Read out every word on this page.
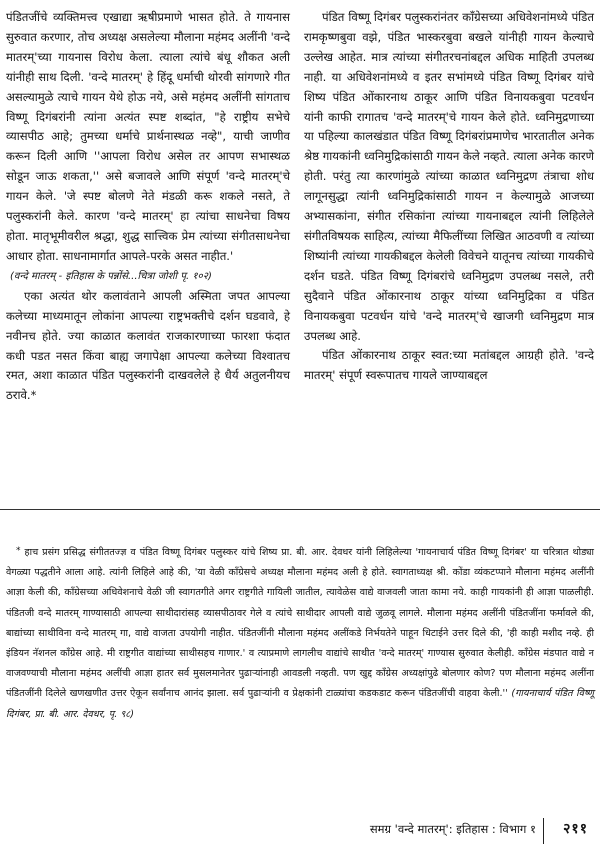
पंडितजींचे व्यक्तिमत्त्व एखाद्या ऋषीप्रमाणे भासत होते. ते गायनास सुरुवात करणार, तोच अध्यक्ष असलेल्या मौलाना महंमद अलींनी 'वन्दे मातरम्'च्या गायनास विरोध केला. त्याला त्यांचे बंधू शौकत अली यांनीही साथ दिली. 'वन्दे मातरम्' हे हिंदू धर्माची थोरवी सांगणारे गीत असल्यामुळे त्याचे गायन येथे होऊ नये, असे महंमद अलींनी सांगताच विष्णू दिगंबरांनी त्यांना अत्यंत स्पष्ट शब्दांत, "हे राष्ट्रीय सभेचे व्यासपीठ आहे; तुमच्या धर्माचे प्रार्थनास्थळ नव्हे", याची जाणीव करून दिली आणि ''आपला विरोध असेल तर आपण सभास्थळ सोडून जाऊ शकता,'' असे बजावले आणि संपूर्ण 'वन्दे मातरम्'चे गायन केले. 'जे स्पष्ट बोलणे नेते मंडळी करू शकले नसते, ते पलुस्करांनी केले. कारण 'वन्दे मातरम्' हा त्यांचा साधनेचा विषय होता. मातृभूमीवरील श्रद्धा, शुद्ध सात्त्विक प्रेम त्यांच्या संगीतसाधनेचा आधार होता. साधनामार्गात आपले-परके असत नाहीत.'

(वन्दे मातरम् - इतिहास के पन्नोंसे...चित्रा जोशी पृ. १०२)

एका अत्यंत थोर कलावंताने आपली अस्मिता जपत आपल्या कलेच्या माध्यमातून लोकांना आपल्या राष्ट्रभक्तीचे दर्शन घडवावे, हे नवीनच होते. ज्या काळात कलावंत राजकारणाच्या फारशा फंदात कधी पडत नसत किंवा बाह्य जगापेक्षा आपल्या कलेच्या विश्वातच रमत, अशा काळात पंडित पलुस्करांनी दाखवलेले हे धैर्य अतुलनीयच ठरावे.*

पंडित विष्णू दिगंबर पलुस्करांनंतर काँग्रेसच्या अधिवेशनांमध्ये पंडित रामकृष्णबुवा वझे, पंडित भास्करबुवा बखले यांनीही गायन केल्याचे उल्लेख आहेत. मात्र त्यांच्या संगीतरचनांबद्दल अधिक माहिती उपलब्ध नाही. या अधिवेशनांमध्ये व इतर सभांमध्ये पंडित विष्णू दिगंबर यांचे शिष्य पंडित ओंकारनाथ ठाकूर आणि पंडित विनायकबुवा पटवर्धन यांनी काफी रागातच 'वन्दे मातरम्'चे गायन केले होते. ध्वनिमुद्रणाच्या या पहिल्या कालखंडात पंडित विष्णू दिगंबरांप्रमाणेच भारतातील अनेक श्रेष्ठ गायकांनी ध्वनिमुद्रिकांसाठी गायन केले नव्हते. त्याला अनेक कारणे होती. परंतु त्या कारणांमुळे त्यांच्या काळात ध्वनिमुद्रण तंत्राचा शोध लागूनसुद्धा त्यांनी ध्वनिमुद्रिकांसाठी गायन न केल्यामुळे आजच्या अभ्यासकांना, संगीत रसिकांना त्यांच्या गायनाबद्दल त्यांनी लिहिलेले संगीतविषयक साहित्य, त्यांच्या मैफिलींच्या लिखित आठवणी व त्यांच्या शिष्यांनी त्यांच्या गायकीबद्दल केलेली विवेचने यातूनच त्यांच्या गायकीचे दर्शन घडते. पंडित विष्णू दिगंबरांचे ध्वनिमुद्रण उपलब्ध नसले, तरी सुदैवाने पंडित ओंकारनाथ ठाकूर यांच्या ध्वनिमुद्रिका व पंडित विनायकबुवा पटवर्धन यांचे 'वन्दे मातरम्'चे खाजगी ध्वनिमुद्रण मात्र उपलब्ध आहे.

पंडित ओंकारनाथ ठाकूर स्वत:च्या मतांबद्दल आग्रही होते. 'वन्दे मातरम्' संपूर्ण स्वरूपातच गायले जाण्याबद्दल

* हाच प्रसंग प्रसिद्ध संगीततज्ज्ञ व पंडित विष्णू दिगंबर पलुस्कर यांचे शिष्य प्रा. बी. आर. देवधर यांनी लिहिलेल्या 'गायनाचार्य पंडित विष्णू दिगंबर' या चरित्रात थोड्या वेगळ्या पद्धतीने आला आहे. त्यांनी लिहिले आहे की, 'या वेळी काँग्रेसचे अध्यक्ष मौलाना महंमद अली हे होते. स्वागताध्यक्ष श्री. कोंडा व्यंकटप्पाने मौलाना महंमद अलींनी आज्ञा केली की, काँग्रेसच्या अधिवेशनाचे वेळी जी स्वागतगीते अगर राष्ट्रगीते गायिली जातील, त्यावेळेस वाद्ये वाजवली जाता कामा नये. काही गायकांनी ही आज्ञा पाळलीही. पंडितजी वन्दे मातरम् गाण्यासाठी आपल्या साथीदारांसह व्यासपीठावर गेले व त्यांचे साथीदार आपली वाद्ये जुळवू लागले. मौलाना महंमद अलींनी पंडितजींना फर्मावले की, बाद्यांच्या साथीविना वन्दे मातरम् गा, वाद्ये वाजता उपयोगी नाहीत. पंडितजींनी मौलाना महंमद अलींकडे निर्भयतेने पाहून धिटाईने उत्तर दिले की, 'ही काही मशीद नव्हे. ही इंडियन नॅशनल काँग्रेस आहे. मी राष्ट्रगीत वाद्यांच्या साथीसहच गाणार.' व त्याप्रमाणे लागलीच वाद्यांचे साथीत 'वन्दे मातरम्' गाण्यास सुरुवात केलीही. काँग्रेस मंडपात वाद्ये न वाजवण्याची मौलाना महंमद अलींची आज्ञा हातर सर्व मुसलमानेतर पुढाऱ्यांनाही आवडली नव्हती. पण खुद्द काँग्रेस अध्यक्षांपुढे बोलणार कोण? पण मौलाना महंमद अलींना पंडितजींनी दिलेले खणखणीत उत्तर ऐकून सर्वांनाच आनंद झाला. सर्व पुढाऱ्यांनी व प्रेक्षकांनी टाळ्यांचा कडकडाट करून पंडितजींची वाहवा केली.'' (गायनाचार्य पंडित विष्णू दिगंबर, प्रा. बी. आर. देवधर, पृ. ९८)

समग्र 'वन्दे मातरम्': इतिहास : विभाग १ २११
